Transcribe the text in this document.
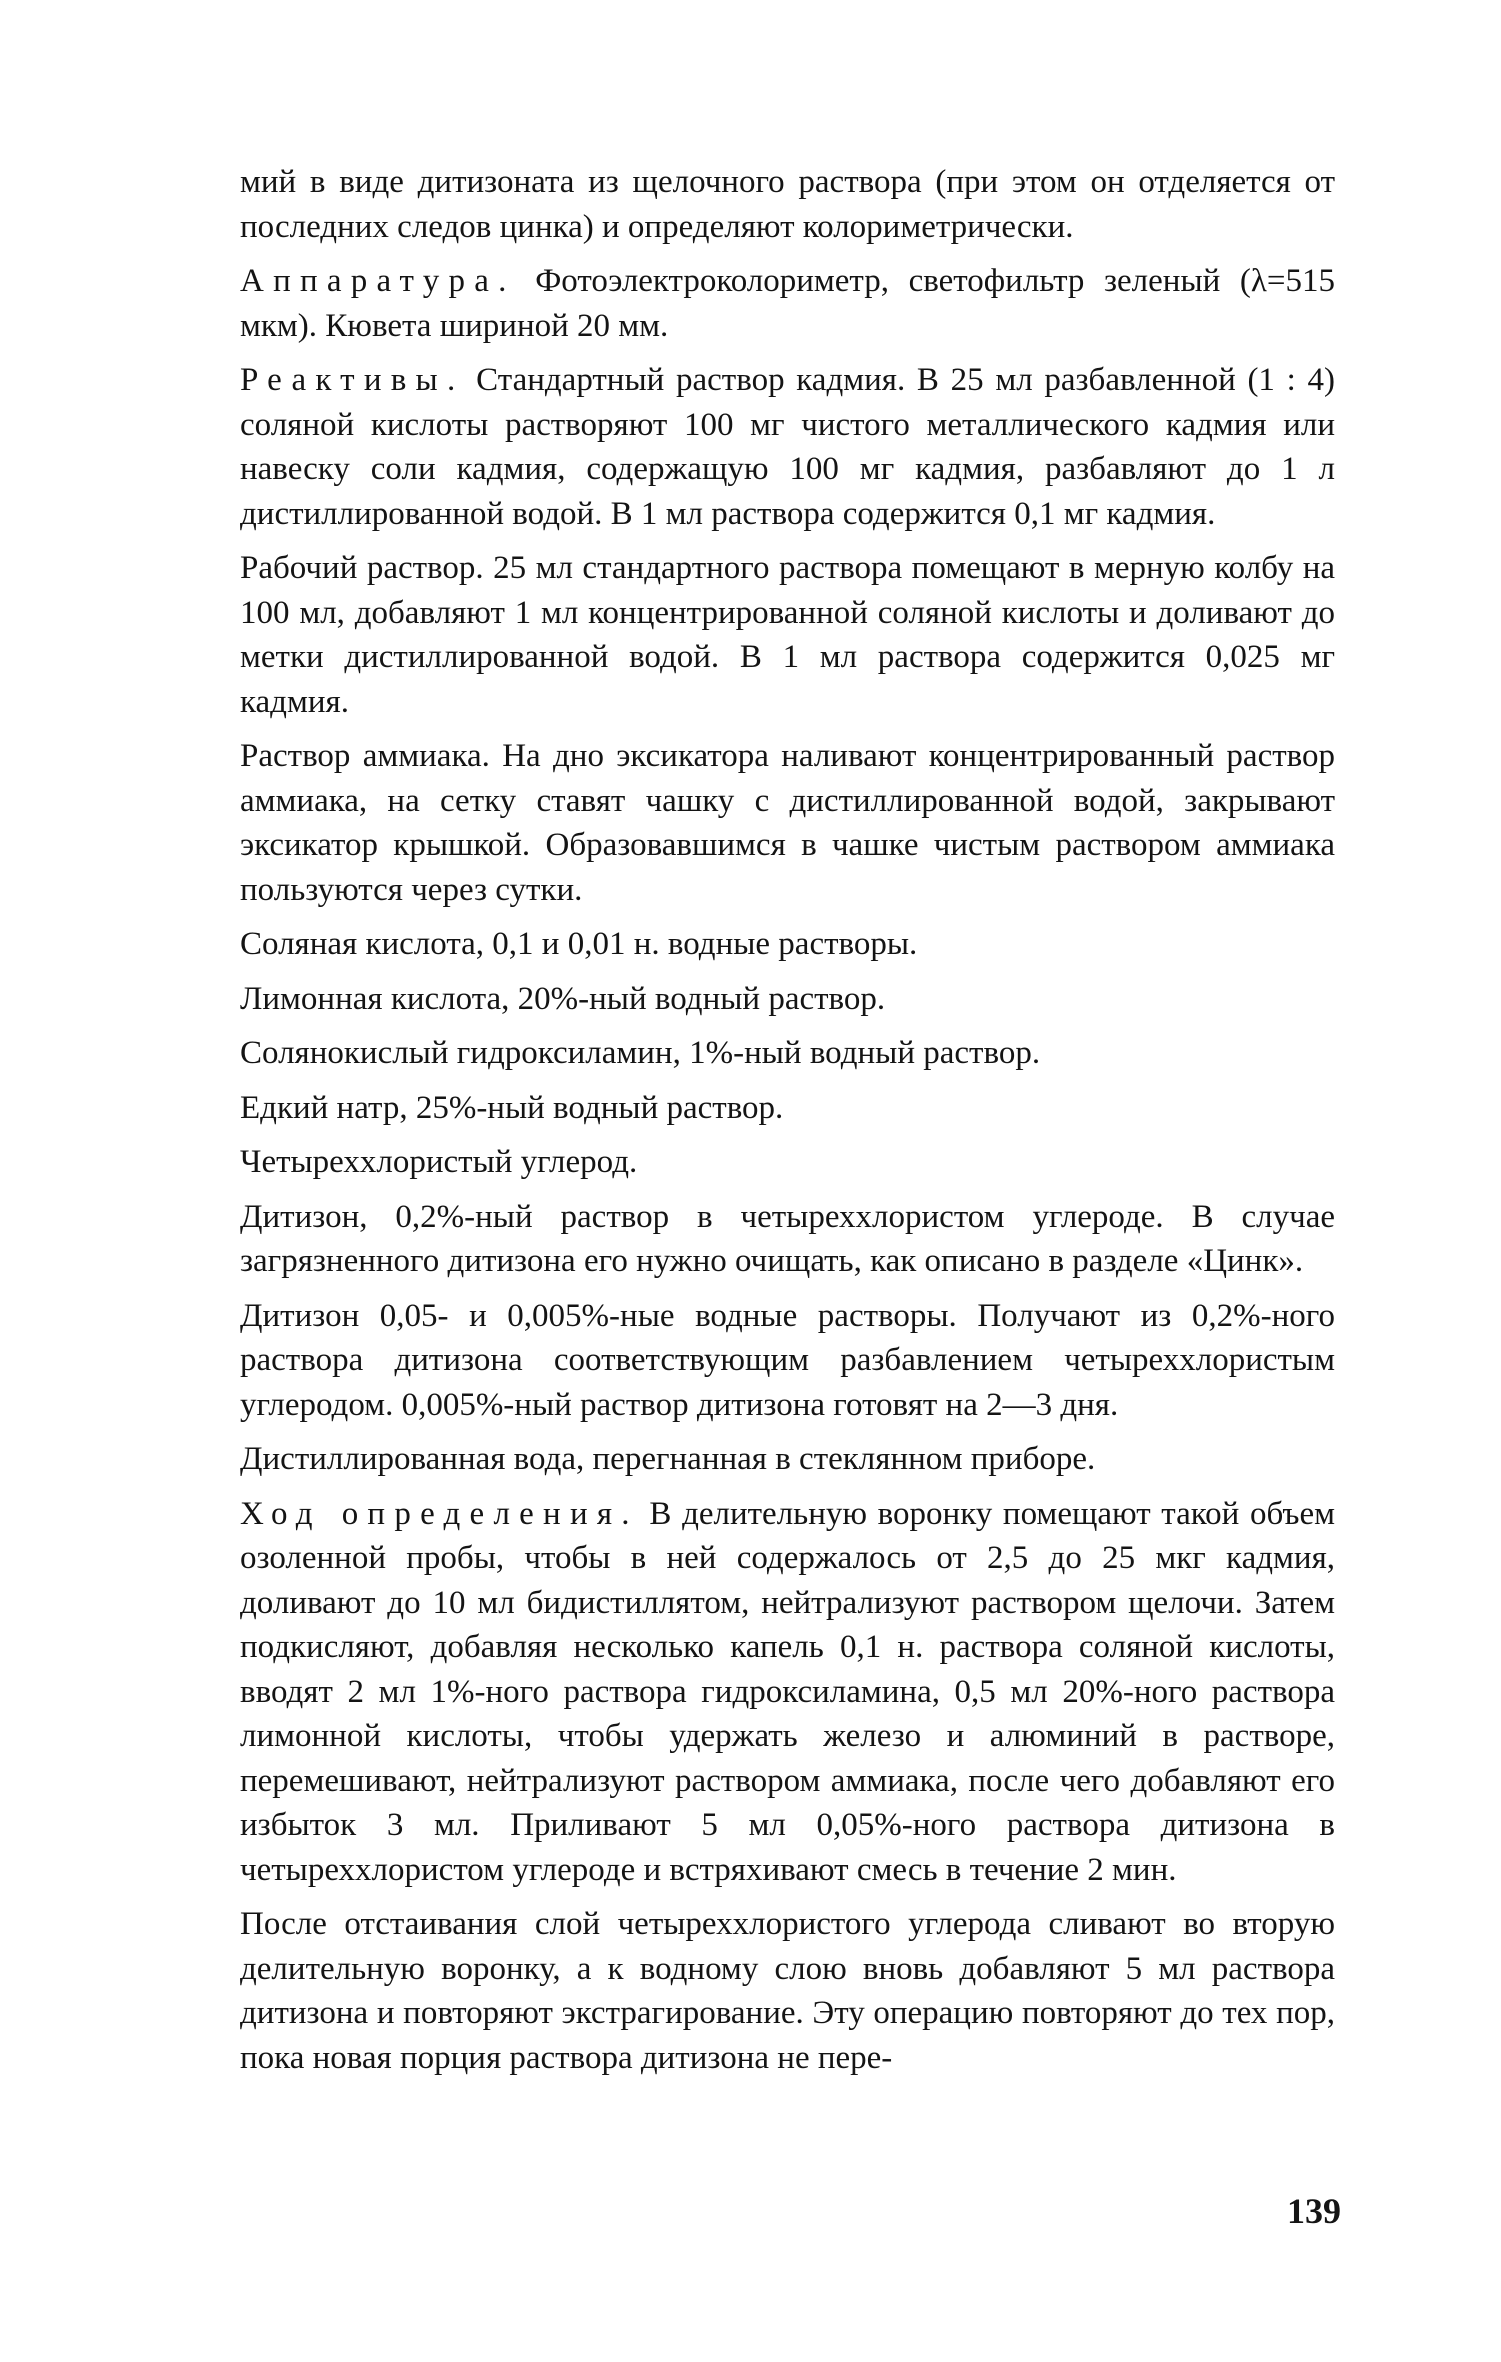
мий в виде дитизоната из щелочного раствора (при этом он отделяется от последних следов цинка) и определяют колориметрически.

Аппаратура. Фотоэлектроколориметр, светофильтр зеленый (λ=515 мкм). Кювета шириной 20 мм.

Реактивы. Стандартный раствор кадмия. В 25 мл разбавленной (1 : 4) соляной кислоты растворяют 100 мг чистого металлического кадмия или навеску соли кадмия, содержащую 100 мг кадмия, разбавляют до 1 л дистиллированной водой. В 1 мл раствора содержится 0,1 мг кадмия.

Рабочий раствор. 25 мл стандартного раствора помещают в мерную колбу на 100 мл, добавляют 1 мл концентрированной соляной кислоты и доливают до метки дистиллированной водой. В 1 мл раствора содержится 0,025 мг кадмия.

Раствор аммиака. На дно эксикатора наливают концентрированный раствор аммиака, на сетку ставят чашку с дистиллированной водой, закрывают эксикатор крышкой. Образовавшимся в чашке чистым раствором аммиака пользуются через сутки.

Соляная кислота, 0,1 и 0,01 н. водные растворы.

Лимонная кислота, 20%-ный водный раствор.

Солянокислый гидроксиламин, 1%-ный водный раствор.

Едкий натр, 25%-ный водный раствор.

Четыреххлористый углерод.

Дитизон, 0,2%-ный раствор в четыреххлористом углероде. В случае загрязненного дитизона его нужно очищать, как описано в разделе «Цинк».

Дитизон 0,05- и 0,005%-ные водные растворы. Получают из 0,2%-ного раствора дитизона соответствующим разбавлением четыреххлористым углеродом. 0,005%-ный раствор дитизона готовят на 2—3 дня.

Дистиллированная вода, перегнанная в стеклянном приборе.

Ход определения. В делительную воронку помещают такой объем озоленной пробы, чтобы в ней содержалось от 2,5 до 25 мкг кадмия, доливают до 10 мл бидистиллятом, нейтрализуют раствором щелочи. Затем подкисляют, добавляя несколько капель 0,1 н. раствора соляной кислоты, вводят 2 мл 1%-ного раствора гидроксиламина, 0,5 мл 20%-ного раствора лимонной кислоты, чтобы удержать железо и алюминий в растворе, перемешивают, нейтрализуют раствором аммиака, после чего добавляют его избыток 3 мл. Приливают 5 мл 0,05%-ного раствора дитизона в четыреххлористом углероде и встряхивают смесь в течение 2 мин.

После отстаивания слой четыреххлористого углерода сливают во вторую делительную воронку, а к водному слою вновь добавляют 5 мл раствора дитизона и повторяют экстрагирование. Эту операцию повторяют до тех пор, пока новая порция раствора дитизона не пере-

139
